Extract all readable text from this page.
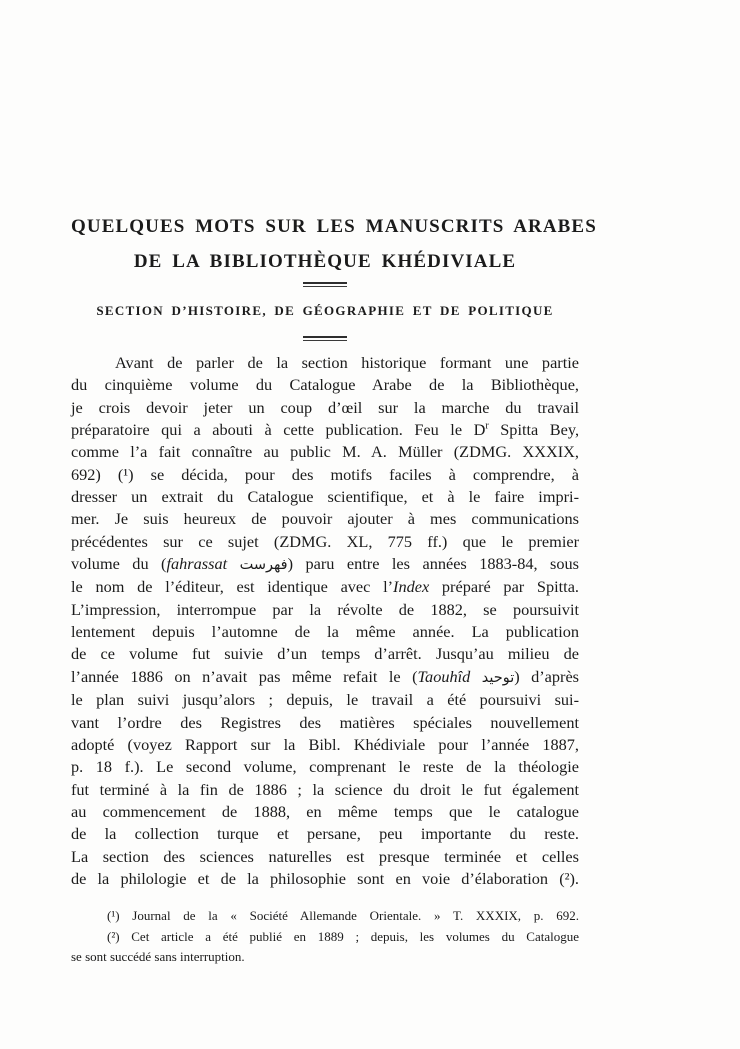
QUELQUES MOTS SUR LES MANUSCRITS ARABES
DE LA BIBLIOTHÈQUE KHÉDIVIALE
SECTION D’HISTOIRE, DE GÉOGRAPHIE ET DE POLITIQUE
Avant de parler de la section historique formant une partie
du cinquième volume du Catalogue Arabe de la Bibliothèque,
je crois devoir jeter un coup d’œil sur la marche du travail
préparatoire qui a abouti à cette publication. Feu le $D^r$ Spitta Bey,
comme l’a fait connaître au public M. A. Müller (ZDMG. XXXIX,
692) (¹) se décida, pour des motifs faciles à comprendre, à
dresser un extrait du Catalogue scientifique, et à le faire impri-
mer. Je suis heureux de pouvoir ajouter à mes communications
précédentes sur ce sujet (ZDMG. XL, 775 ff.) que le premier
volume du (fahrassat فهرست) paru entre les années 1883-84, sous
le nom de l’éditeur, est identique avec l’Index préparé par Spitta.
L’impression, interrompue par la révolte de 1882, se poursuivit
lentement depuis l’automne de la même année. La publication
de ce volume fut suivie d’un temps d’arrêt. Jusqu’au milieu de
l’année 1886 on n’avait pas même refait le (Taouhîd توحيد) d’après
le plan suivi jusqu’alors ; depuis, le travail a été poursuivi sui-
vant l’ordre des Registres des matières spéciales nouvellement
adopté (voyez Rapport sur la Bibl. Khédiviale pour l’année 1887,
p. 18 f.). Le second volume, comprenant le reste de la théologie
fut terminé à la fin de 1886 ; la science du droit le fut également
au commencement de 1888, en même temps que le catalogue
de la collection turque et persane, peu importante du reste.
La section des sciences naturelles est presque terminée et celles
de la philologie et de la philosophie sont en voie d’élaboration (²).
(¹) Journal de la « Société Allemande Orientale. » T. XXXIX, p. 692.
(²) Cet article a été publié en 1889 ; depuis, les volumes du Catalogue
se sont succédé sans interruption.
